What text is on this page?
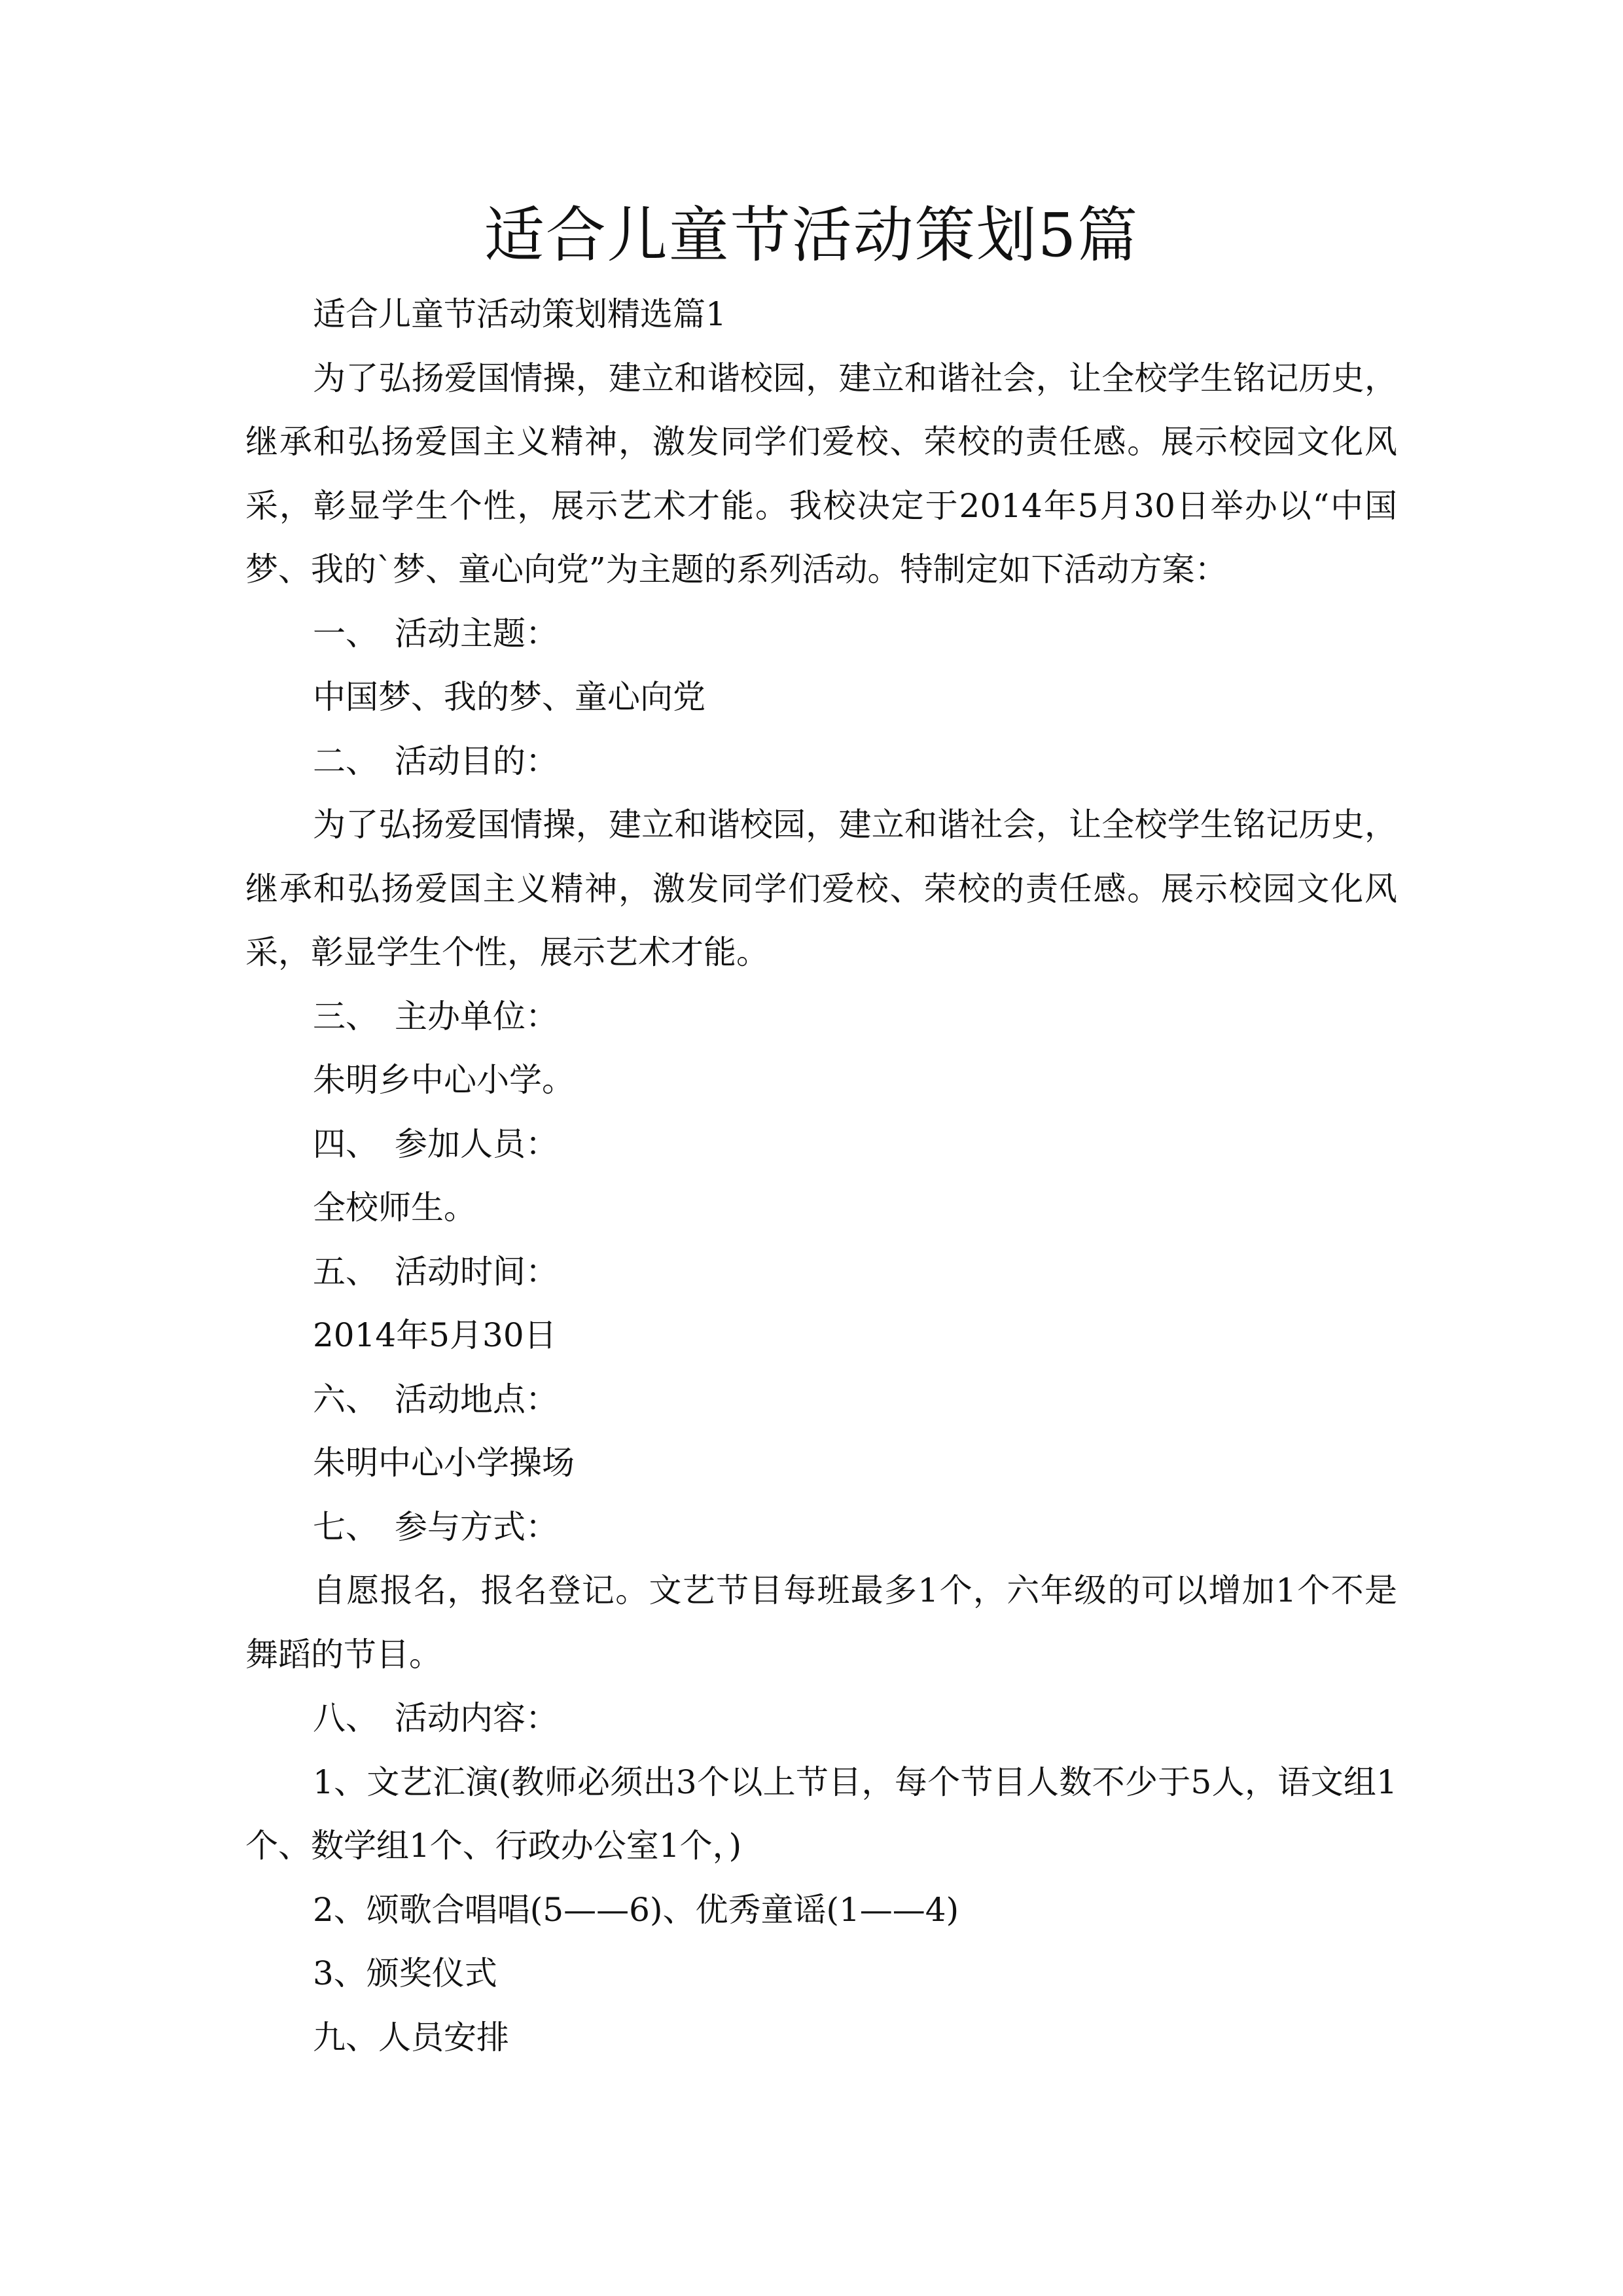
适合儿童节活动策划5篇

适合儿童节活动策划精选篇1

为了弘扬爱国情操，建立和谐校园，建立和谐社会，让全校学生铭记历史，继承和弘扬爱国主义精神，激发同学们爱校、荣校的责任感。展示校园文化风采，彰显学生个性，展示艺术才能。我校决定于2014年5月30日举办以“中国梦、我的`梦、童心向党”为主题的系列活动。特制定如下活动方案：

一、 活动主题：

中国梦、我的梦、童心向党

二、 活动目的：

为了弘扬爱国情操，建立和谐校园，建立和谐社会，让全校学生铭记历史，继承和弘扬爱国主义精神，激发同学们爱校、荣校的责任感。展示校园文化风采，彰显学生个性，展示艺术才能。

三、 主办单位：

朱明乡中心小学。

四、 参加人员：

全校师生。

五、 活动时间：

2014年5月30日

六、 活动地点：

朱明中心小学操场

七、 参与方式：

自愿报名，报名登记。文艺节目每班最多1个，六年级的可以增加1个不是舞蹈的节目。

八、 活动内容：

1、文艺汇演(教师必须出3个以上节目，每个节目人数不少于5人，语文组1个、数学组1个、行政办公室1个，)

2、颂歌合唱唱(5——6)、优秀童谣(1——4)

3、颁奖仪式

九、人员安排
